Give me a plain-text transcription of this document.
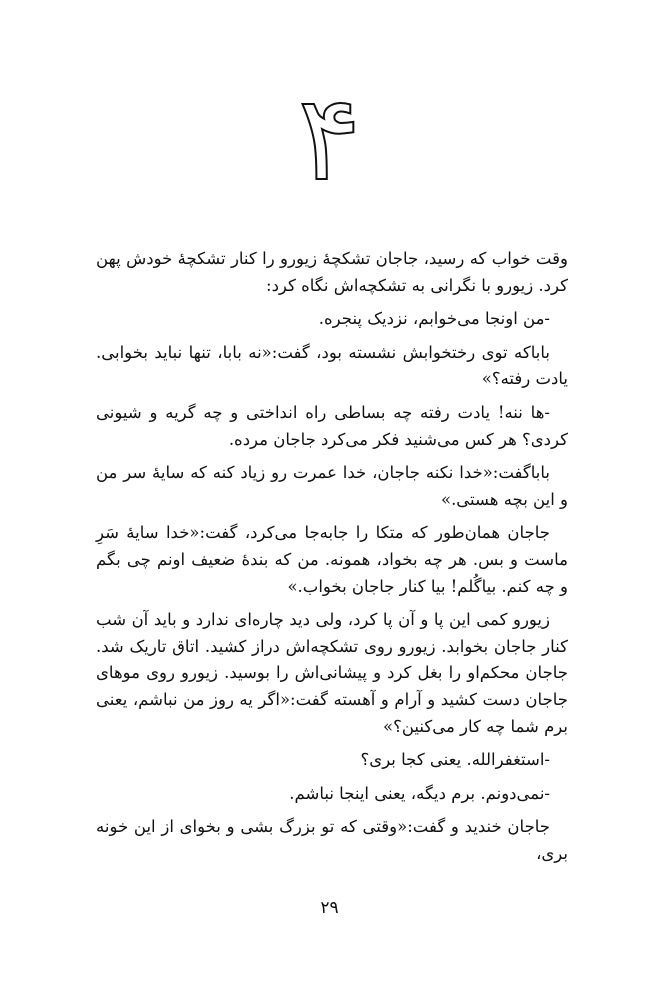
۴

وقت خواب که رسید، جاجان تشکچهٔ زیورو را کنار تشکچهٔ خودش پهن کرد. زیورو با نگرانی به تشکچه‌اش نگاه کرد:

-من اونجا می‌خوابم، نزدیک پنجره.

باباکه توی رختخوابش نشسته بود، گفت:«نه بابا، تنها نباید بخوابی. یادت رفته؟»

-ها ننه! یادت رفته چه بساطی راه انداختی و چه گریه و شیونی کردی؟ هر کس می‌شنید فکر می‌کرد جاجان مرده.

باباگفت:«خدا نکنه جاجان، خدا عمرت رو زیاد کنه که سایهٔ سر من و این بچه هستی.»

جاجان همان‌طور که متکا را جابه‌جا می‌کرد، گفت:«خدا سایهٔ سَرِ ماست و بس. هر چه بخواد، همونه. من که بندهٔ ضعیف اونم چی بگم و چه کنم. بیاگُلم! بیا کنار جاجان بخواب.»

زیورو کمی این پا و آن پا کرد، ولی دید چاره‌ای ندارد و باید آن شب کنار جاجان بخوابد. زیورو روی تشکچه‌اش دراز کشید. اتاق تاریک شد. جاجان محکم‌او را بغل کرد و پیشانی‌اش را بوسید. زیورو روی موهای جاجان دست کشید و آرام و آهسته گفت:«اگر یه روز من نباشم، یعنی برم شما چه کار می‌کنین؟»

-استغفرالله. یعنی کجا بری؟

-نمی‌دونم. برم دیگه، یعنی اینجا نباشم.

جاجان خندید و گفت:«وقتی که تو بزرگ بشی و بخوای از این خونه بری،

۲۹
